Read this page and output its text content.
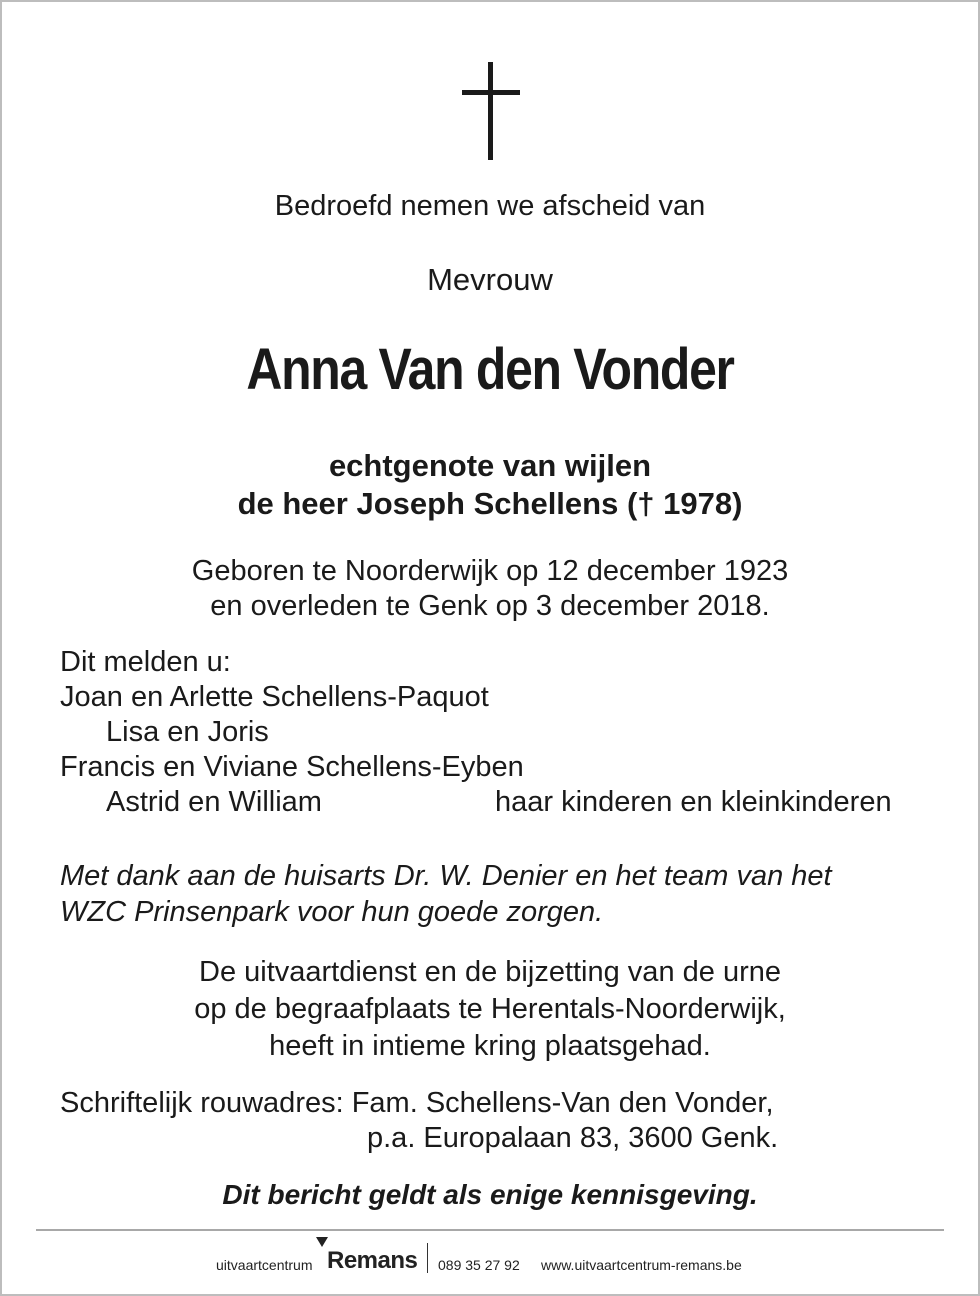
Bedroefd nemen we afscheid van
Mevrouw
Anna Van den Vonder
echtgenote van wijlen
de heer Joseph Schellens († 1978)
Geboren te Noorderwijk op 12 december 1923
en overleden te Genk op 3 december 2018.
Dit melden u:
Joan en Arlette Schellens-Paquot
Lisa en Joris
Francis en Viviane Schellens-Eyben
Astrid en William	haar kinderen en kleinkinderen
Met dank aan de huisarts Dr. W. Denier en het team van het
WZC Prinsenpark voor hun goede zorgen.
De uitvaartdienst en de bijzetting van de urne
op de begraafplaats te Herentals-Noorderwijk,
heeft in intieme kring plaatsgehad.
Schriftelijk rouwadres: Fam. Schellens-Van den Vonder,
p.a. Europalaan 83, 3600 Genk.
Dit bericht geldt als enige kennisgeving.
uitvaartcentrum Remans 089 35 27 92 www.uitvaartcentrum-remans.be
